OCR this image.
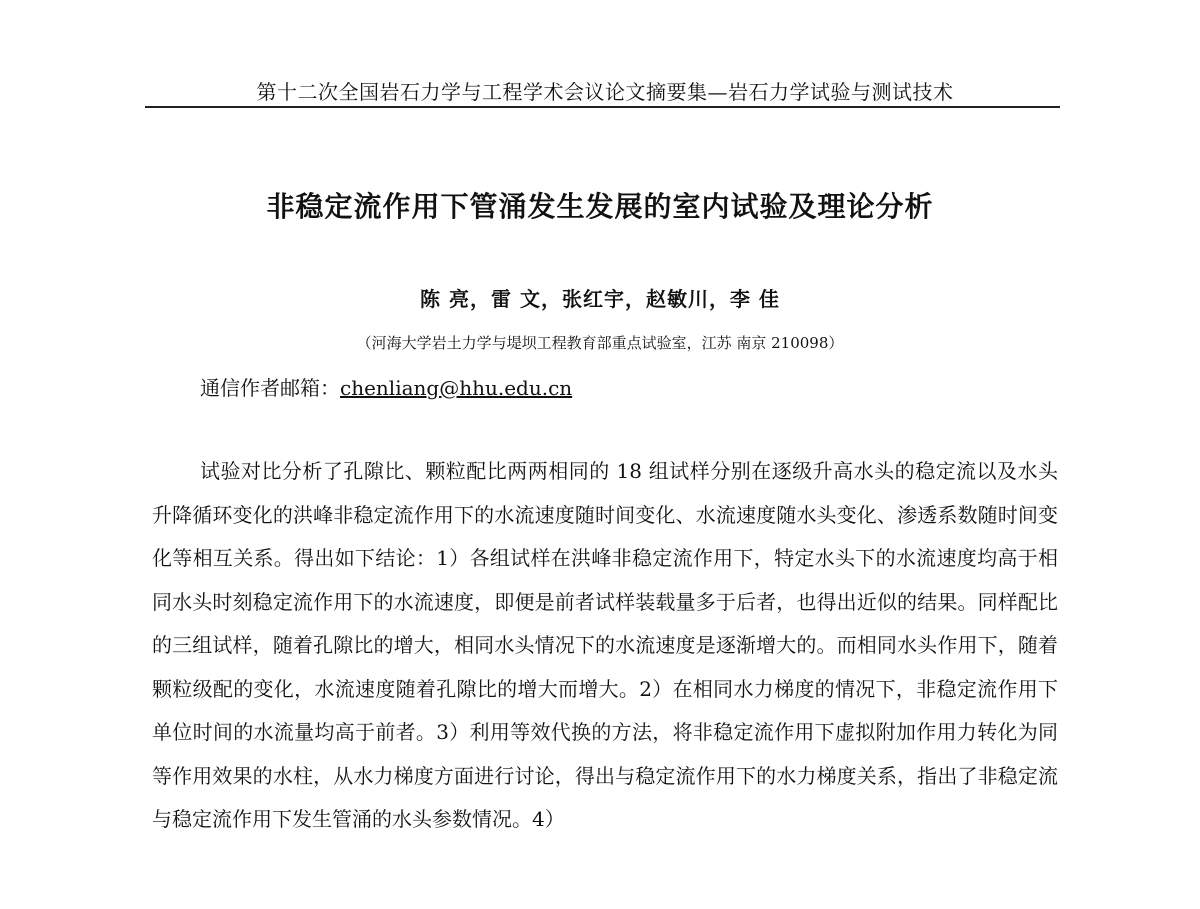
第十二次全国岩石力学与工程学术会议论文摘要集—岩石力学试验与测试技术
非稳定流作用下管涌发生发展的室内试验及理论分析
陈 亮，雷 文，张红宇，赵敏川，李 佳
（河海大学岩土力学与堤坝工程教育部重点试验室，江苏 南京 210098）
通信作者邮箱：chenliang@hhu.edu.cn

试验对比分析了孔隙比、颗粒配比两两相同的 18 组试样分别在逐级升高水头的稳定流以及水头升降循环变化的洪峰非稳定流作用下的水流速度随时间变化、水流速度随水头变化、渗透系数随时间变化等相互关系。得出如下结论：1）各组试样在洪峰非稳定流作用下，特定水头下的水流速度均高于相同水头时刻稳定流作用下的水流速度，即便是前者试样装载量多于后者，也得出近似的结果。同样配比的三组试样，随着孔隙比的增大，相同水头情况下的水流速度是逐渐增大的。而相同水头作用下，随着颗粒级配的变化，水流速度随着孔隙比的增大而增大。2）在相同水力梯度的情况下，非稳定流作用下单位时间的水流量均高于前者。3）利用等效代换的方法，将非稳定流作用下虚拟附加作用力转化为同等作用效果的水柱，从水力梯度方面进行讨论，得出与稳定流作用下的水力梯度关系，指出了非稳定流与稳定流作用下发生管涌的水头参数情况。4）
